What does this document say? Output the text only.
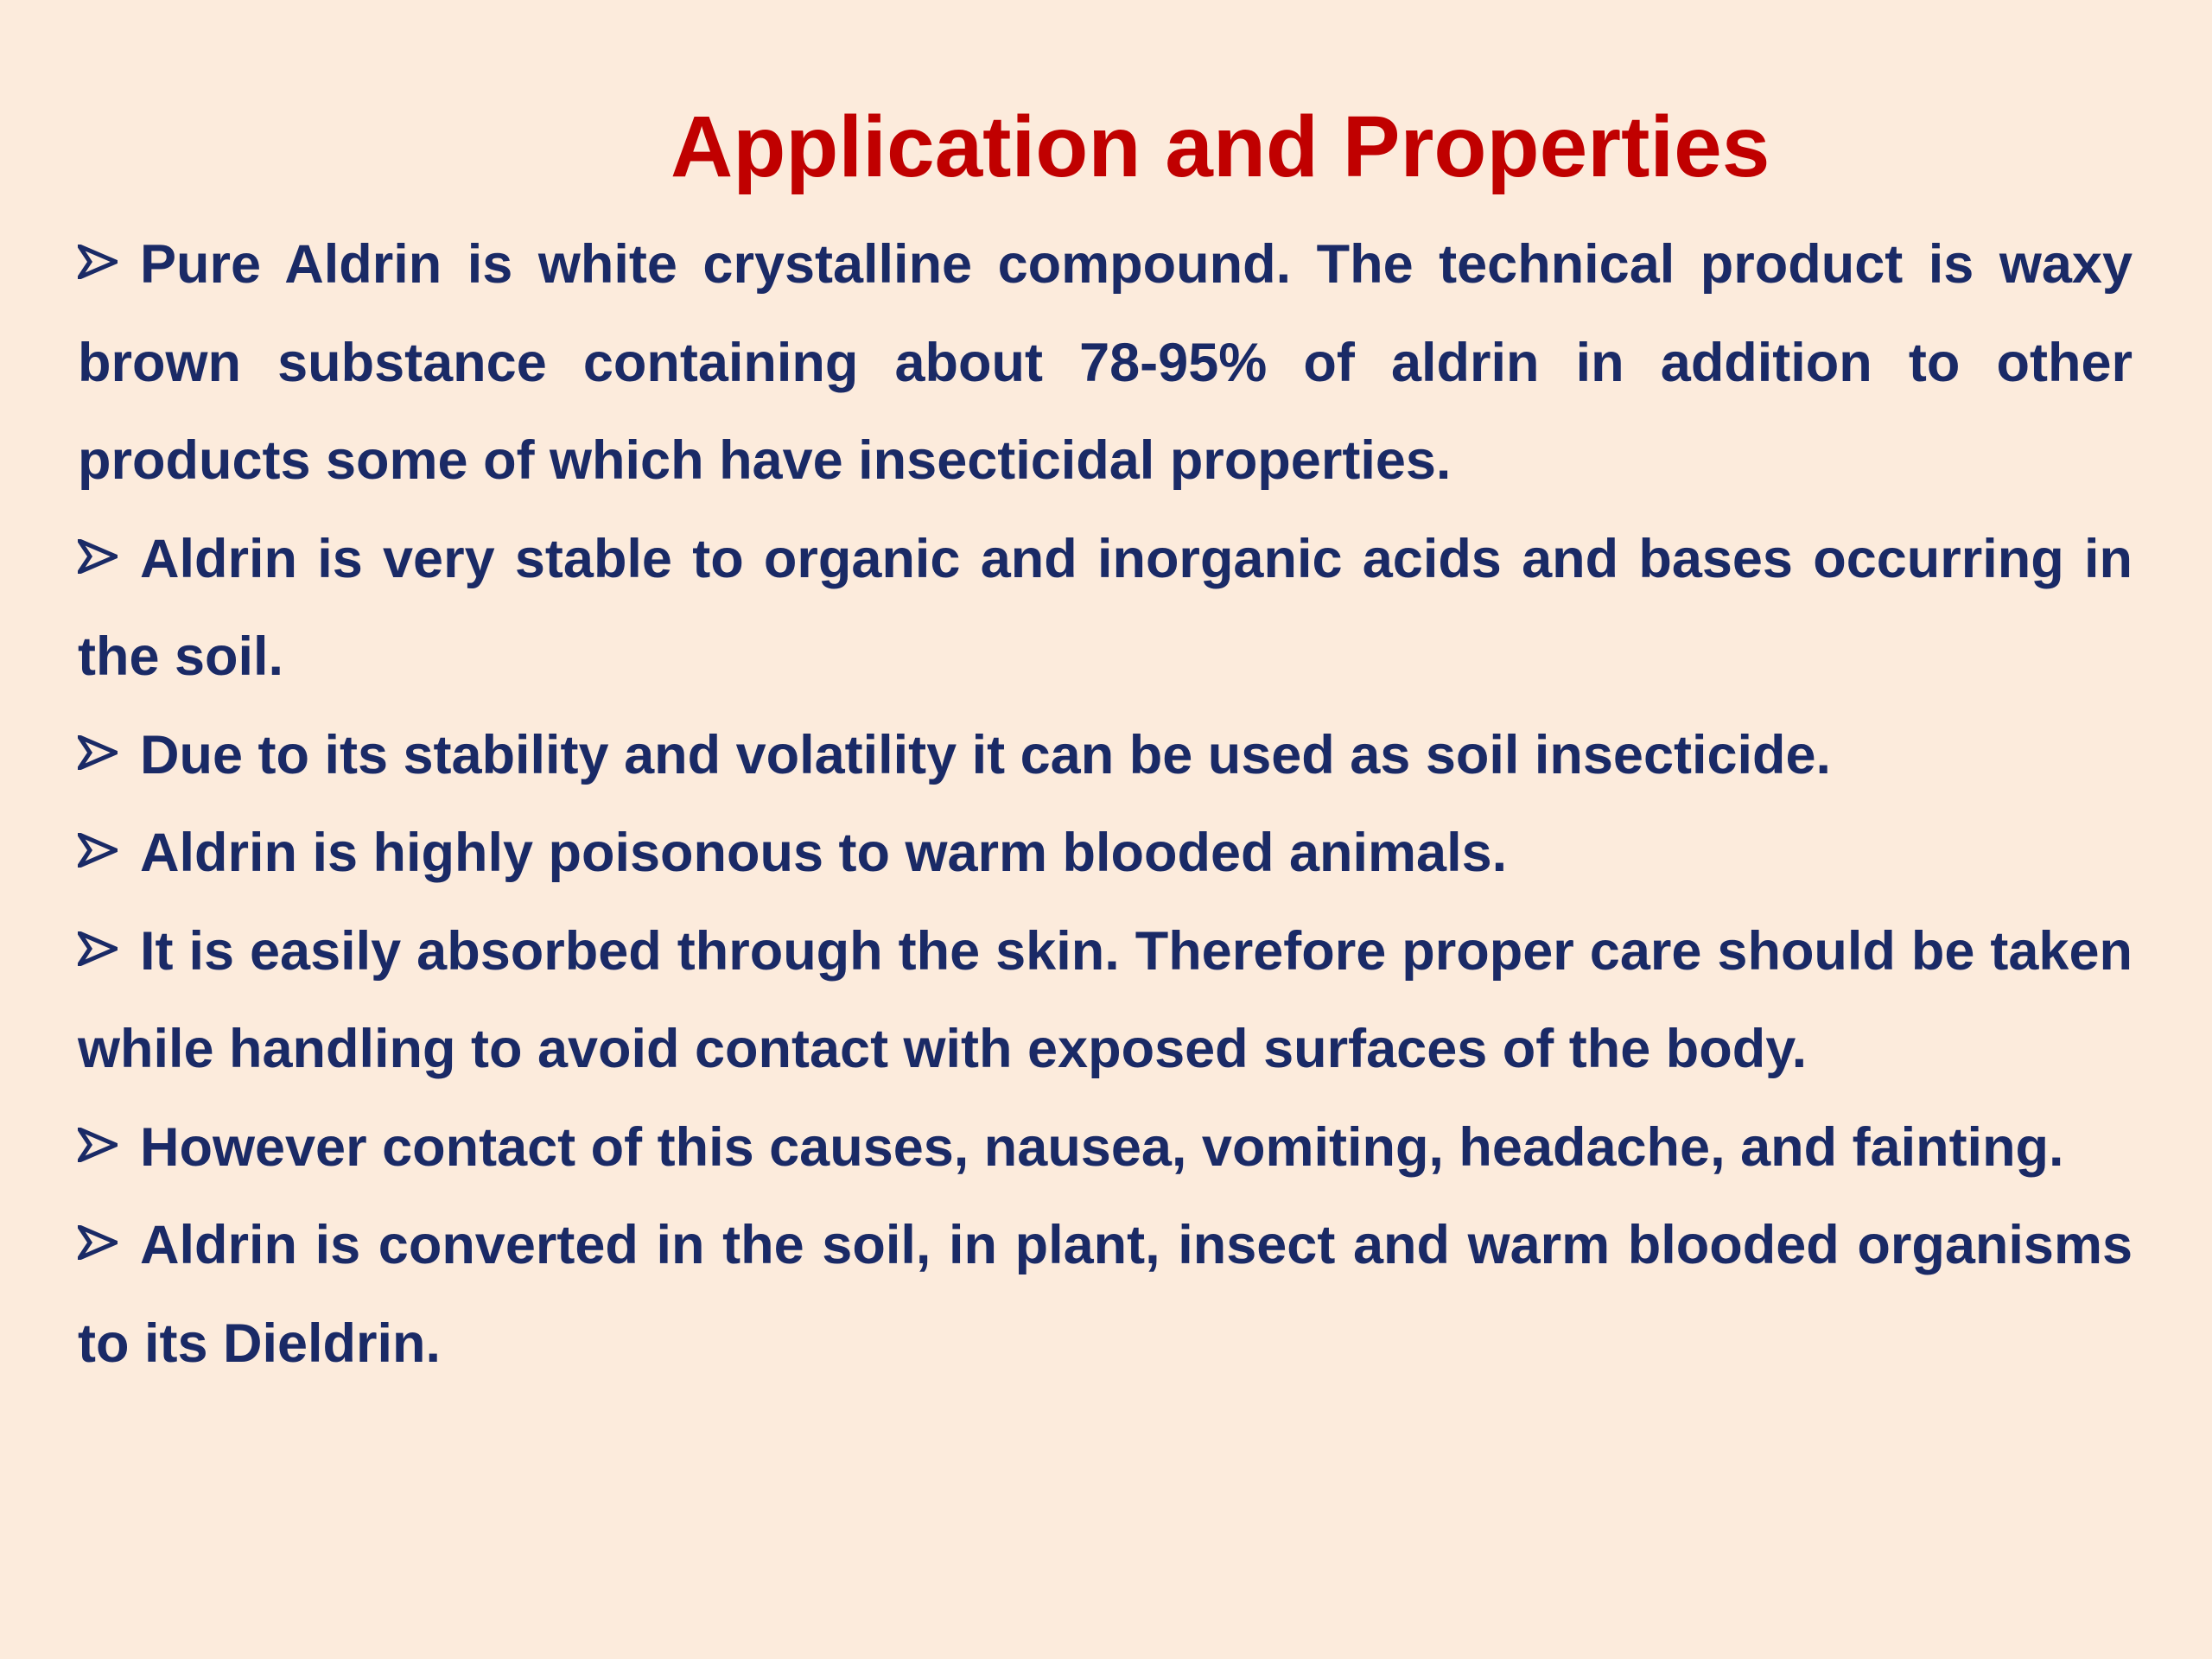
Application and Properties
Pure Aldrin is white crystalline compound. The technical product is waxy brown substance containing about 78-95% of aldrin in addition to other products some of which have insecticidal properties.
Aldrin is very stable to organic and inorganic acids and bases occurring in the soil.
Due to its stability and volatility it can be used as soil insecticide.
Aldrin is highly poisonous to warm blooded animals.
It is easily absorbed through the skin. Therefore proper care should be taken while handling to avoid contact with exposed surfaces of the body.
However contact of this causes, nausea, vomiting, headache, and fainting.
Aldrin is converted in the soil, in plant, insect and warm blooded organisms to its Dieldrin.
